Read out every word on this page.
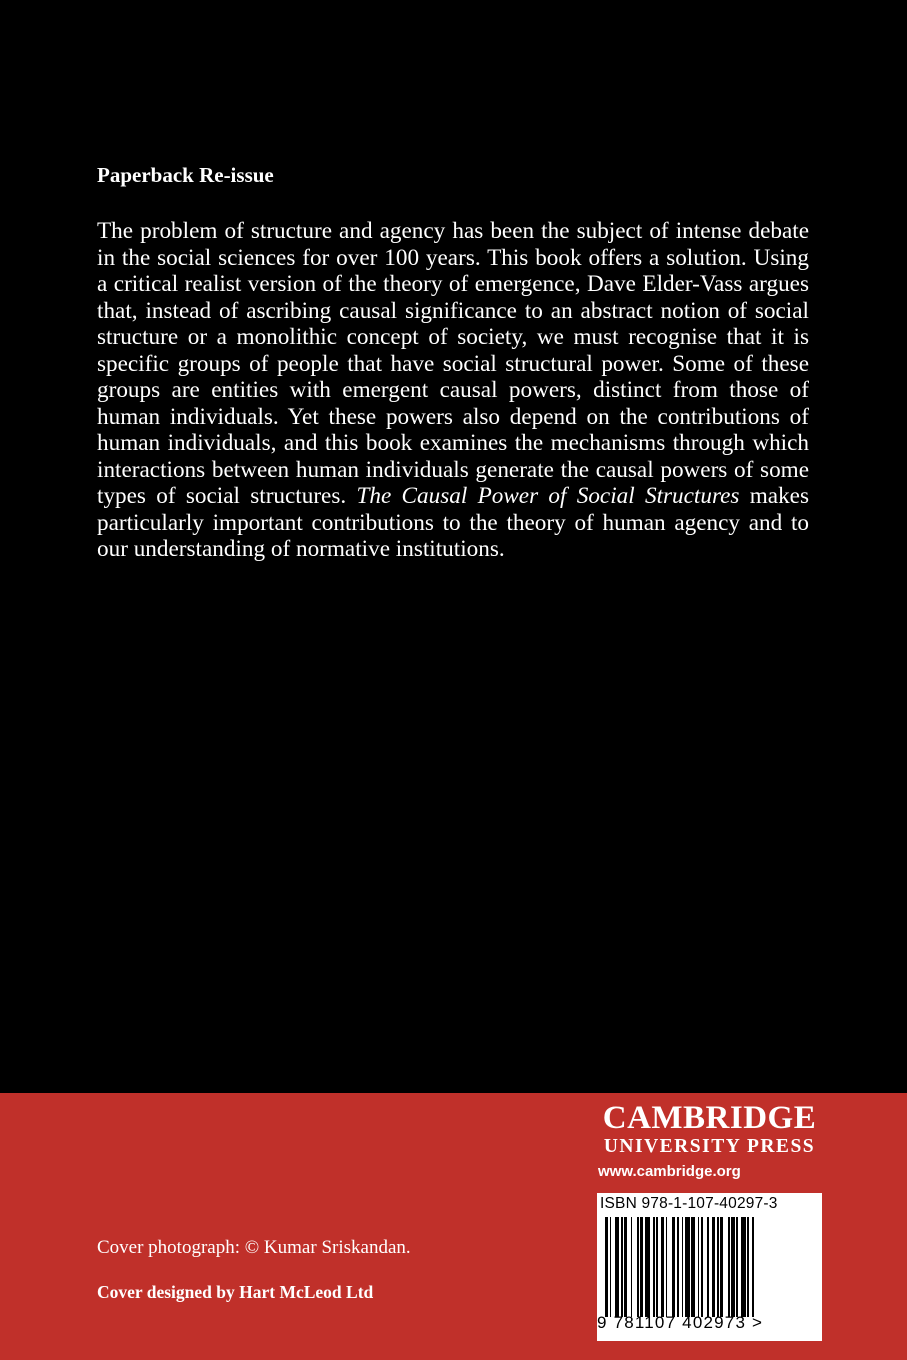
Paperback Re-issue

The problem of structure and agency has been the subject of intense debate in the social sciences for over 100 years. This book offers a solution. Using a critical realist version of the theory of emergence, Dave Elder-Vass argues that, instead of ascribing causal significance to an abstract notion of social structure or a monolithic concept of society, we must recognise that it is specific groups of people that have social structural power. Some of these groups are entities with emergent causal powers, distinct from those of human individuals. Yet these powers also depend on the contributions of human individuals, and this book examines the mechanisms through which interactions between human individuals generate the causal powers of some types of social structures. The Causal Power of Social Structures makes particularly important contributions to the theory of human agency and to our understanding of normative institutions.

CAMBRIDGE
UNIVERSITY PRESS
www.cambridge.org
ISBN 978-1-107-40297-3
9 781107 402973 >
Cover photograph: © Kumar Sriskandan.
Cover designed by Hart McLeod Ltd
